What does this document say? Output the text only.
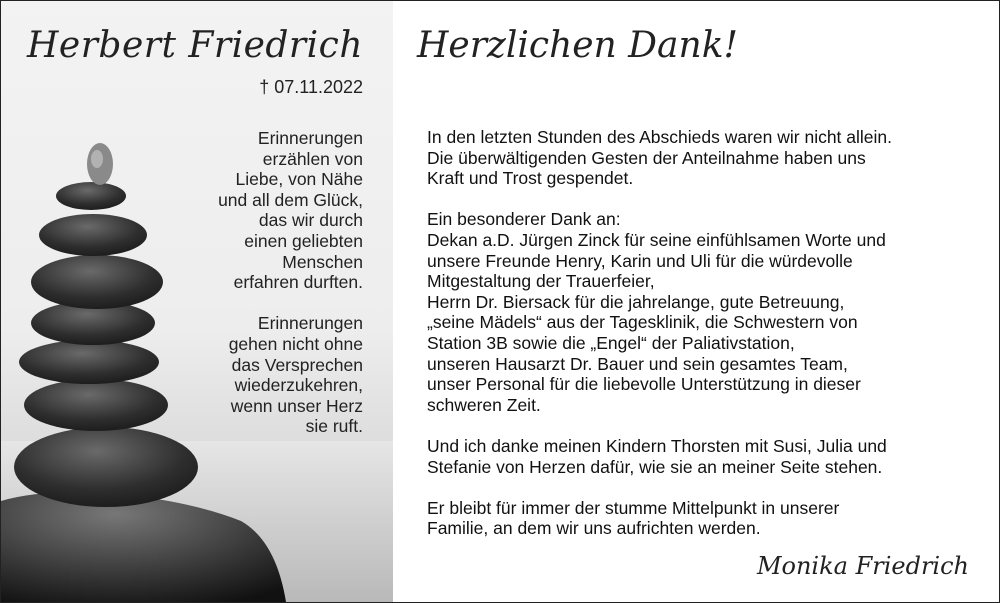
Herbert Friedrich
† 07.11.2022

Erinnerungen
erzählen von
Liebe, von Nähe
und all dem Glück,
das wir durch
einen geliebten
Menschen
erfahren durften.

Erinnerungen
gehen nicht ohne
das Versprechen
wiederzukehren,
wenn unser Herz
sie ruft.

Herzlichen Dank!

In den letzten Stunden des Abschieds waren wir nicht allein.
Die überwältigenden Gesten der Anteilnahme haben uns
Kraft und Trost gespendet.

Ein besonderer Dank an:
Dekan a.D. Jürgen Zinck für seine einfühlsamen Worte und
unsere Freunde Henry, Karin und Uli für die würdevolle
Mitgestaltung der Trauerfeier,
Herrn Dr. Biersack für die jahrelange, gute Betreuung,
„seine Mädels“ aus der Tagesklinik, die Schwestern von
Station 3B sowie die „Engel“ der Paliativstation,
unseren Hausarzt Dr. Bauer und sein gesamtes Team,
unser Personal für die liebevolle Unterstützung in dieser
schweren Zeit.

Und ich danke meinen Kindern Thorsten mit Susi, Julia und
Stefanie von Herzen dafür, wie sie an meiner Seite stehen.

Er bleibt für immer der stumme Mittelpunkt in unserer
Familie, an dem wir uns aufrichten werden.

Monika Friedrich
